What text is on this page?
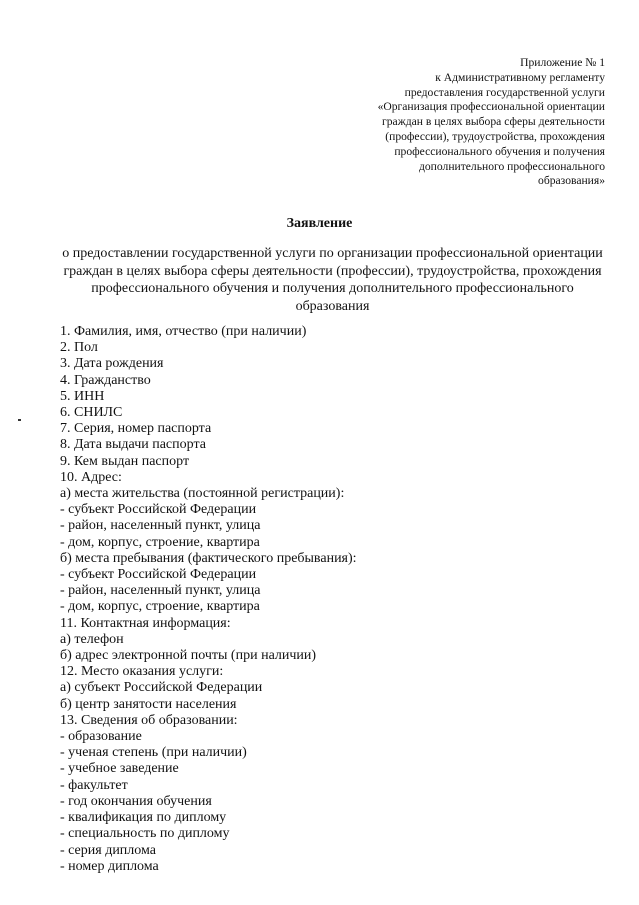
Приложение № 1
к Административному регламенту
предоставления государственной услуги
«Организация профессиональной ориентации
граждан в целях выбора сферы деятельности
(профессии), трудоустройства, прохождения
профессионального обучения и получения
дополнительного профессионального
образования»
Заявление
о предоставлении государственной услуги по организации профессиональной ориентации
граждан в целях выбора сферы деятельности (профессии), трудоустройства, прохождения
профессионального обучения и получения дополнительного профессионального
образования
1. Фамилия, имя, отчество (при наличии)
2. Пол
3. Дата рождения
4. Гражданство
5. ИНН
6. СНИЛС
7. Серия, номер паспорта
8. Дата выдачи паспорта
9. Кем выдан паспорт
10. Адрес:
а) места жительства (постоянной регистрации):
- субъект Российской Федерации
- район, населенный пункт, улица
- дом, корпус, строение, квартира
б) места пребывания (фактического пребывания):
- субъект Российской Федерации
- район, населенный пункт, улица
- дом, корпус, строение, квартира
11. Контактная информация:
а) телефон
б) адрес электронной почты (при наличии)
12. Место оказания услуги:
а) субъект Российской Федерации
б) центр занятости населения
13. Сведения об образовании:
- образование
- ученая степень (при наличии)
- учебное заведение
- факультет
- год окончания обучения
- квалификация по диплому
- специальность по диплому
- серия диплома
- номер диплома
